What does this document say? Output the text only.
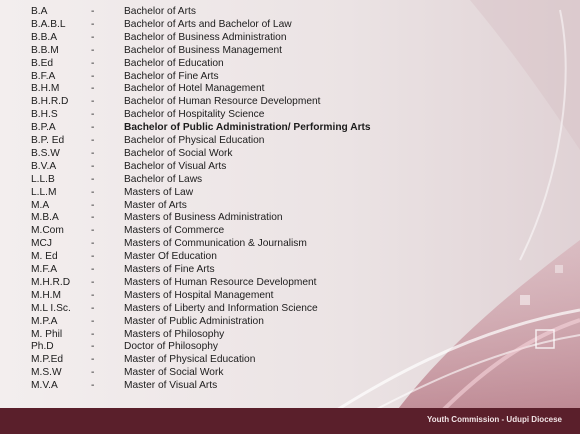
B.A	-	Bachelor of Arts
B.A.B.L -	Bachelor of Arts and Bachelor of Law
B.B.A	-	Bachelor of Business Administration
B.B.M	-	Bachelor of Business Management
B.Ed	-	Bachelor of Education
B.F.A	-	Bachelor of Fine Arts
B.H.M	-	Bachelor of Hotel Management
B.H.R.D -	Bachelor of Human Resource Development
B.H.S	-	Bachelor of Hospitality Science
B.P.A	-	Bachelor of Public Administration/ Performing Arts
B.P. Ed	-	Bachelor of Physical Education
B.S.W	-	Bachelor of Social Work
B.V.A	-	Bachelor of Visual Arts
L.L.B	-	Bachelor of Laws
L.L.M	-	Masters of Law
M.A	-	Master of Arts
M.B.A	-	Masters of Business Administration
M.Com	-	Masters of Commerce
MCJ	-	Masters of Communication & Journalism
M. Ed	-	Master Of Education
M.F.A	-	Masters of Fine Arts
M.H.R.D -	Masters of Human Resource Development
M.H.M	-	Masters of Hospital Management
M.L I.Sc. -	Masters of Liberty and Information Science
M.P.A	-	Master of Public Administration
M. Phil	-	Masters of Philosophy
Ph.D	-	Doctor of Philosophy
M.P.Ed	-	Master of Physical Education
M.S.W	-	Master of Social Work
M.V.A	-	Master of Visual Arts
Youth Commission - Udupi Diocese
